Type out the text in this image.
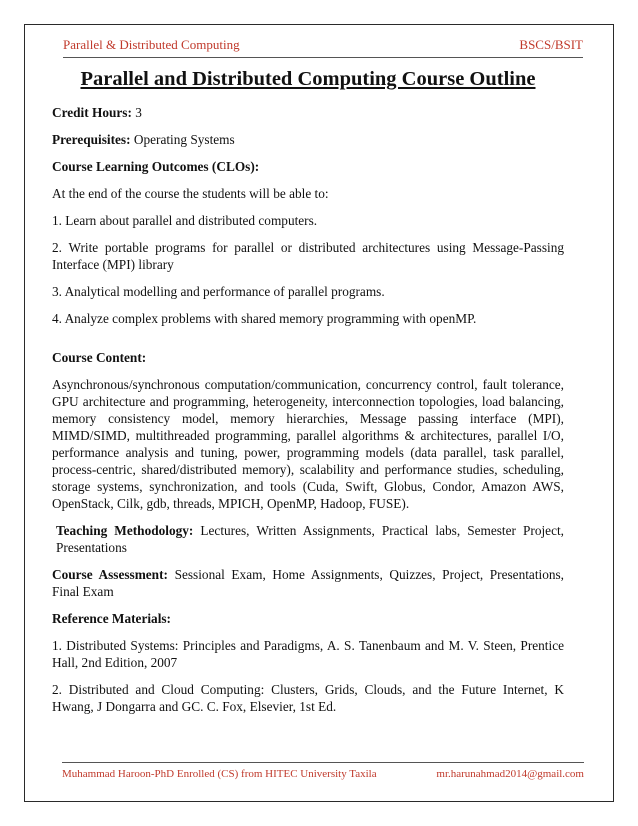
Parallel & Distributed Computing	BSCS/BSIT
Parallel and Distributed Computing Course Outline

Credit Hours: 3

Prerequisites: Operating Systems

Course Learning Outcomes (CLOs):

At the end of the course the students will be able to:

1. Learn about parallel and distributed computers.

2. Write portable programs for parallel or distributed architectures using Message-Passing Interface (MPI) library

3. Analytical modelling and performance of parallel programs.

4. Analyze complex problems with shared memory programming with openMP.

Course Content:

Asynchronous/synchronous computation/communication, concurrency control, fault tolerance, GPU architecture and programming, heterogeneity, interconnection topologies, load balancing, memory consistency model, memory hierarchies, Message passing interface (MPI), MIMD/SIMD, multithreaded programming, parallel algorithms & architectures, parallel I/O, performance analysis and tuning, power, programming models (data parallel, task parallel, process-centric, shared/distributed memory), scalability and performance studies, scheduling, storage systems, synchronization, and tools (Cuda, Swift, Globus, Condor, Amazon AWS, OpenStack, Cilk, gdb, threads, MPICH, OpenMP, Hadoop, FUSE).

Teaching Methodology: Lectures, Written Assignments, Practical labs, Semester Project, Presentations

Course Assessment: Sessional Exam, Home Assignments, Quizzes, Project, Presentations, Final Exam

Reference Materials:

1. Distributed Systems: Principles and Paradigms, A. S. Tanenbaum and M. V. Steen, Prentice Hall, 2nd Edition, 2007

2. Distributed and Cloud Computing: Clusters, Grids, Clouds, and the Future Internet, K Hwang, J Dongarra and GC. C. Fox, Elsevier, 1st Ed.

Muhammad Haroon-PhD Enrolled (CS) from HITEC University Taxila	mr.harunahmad2014@gmail.com
